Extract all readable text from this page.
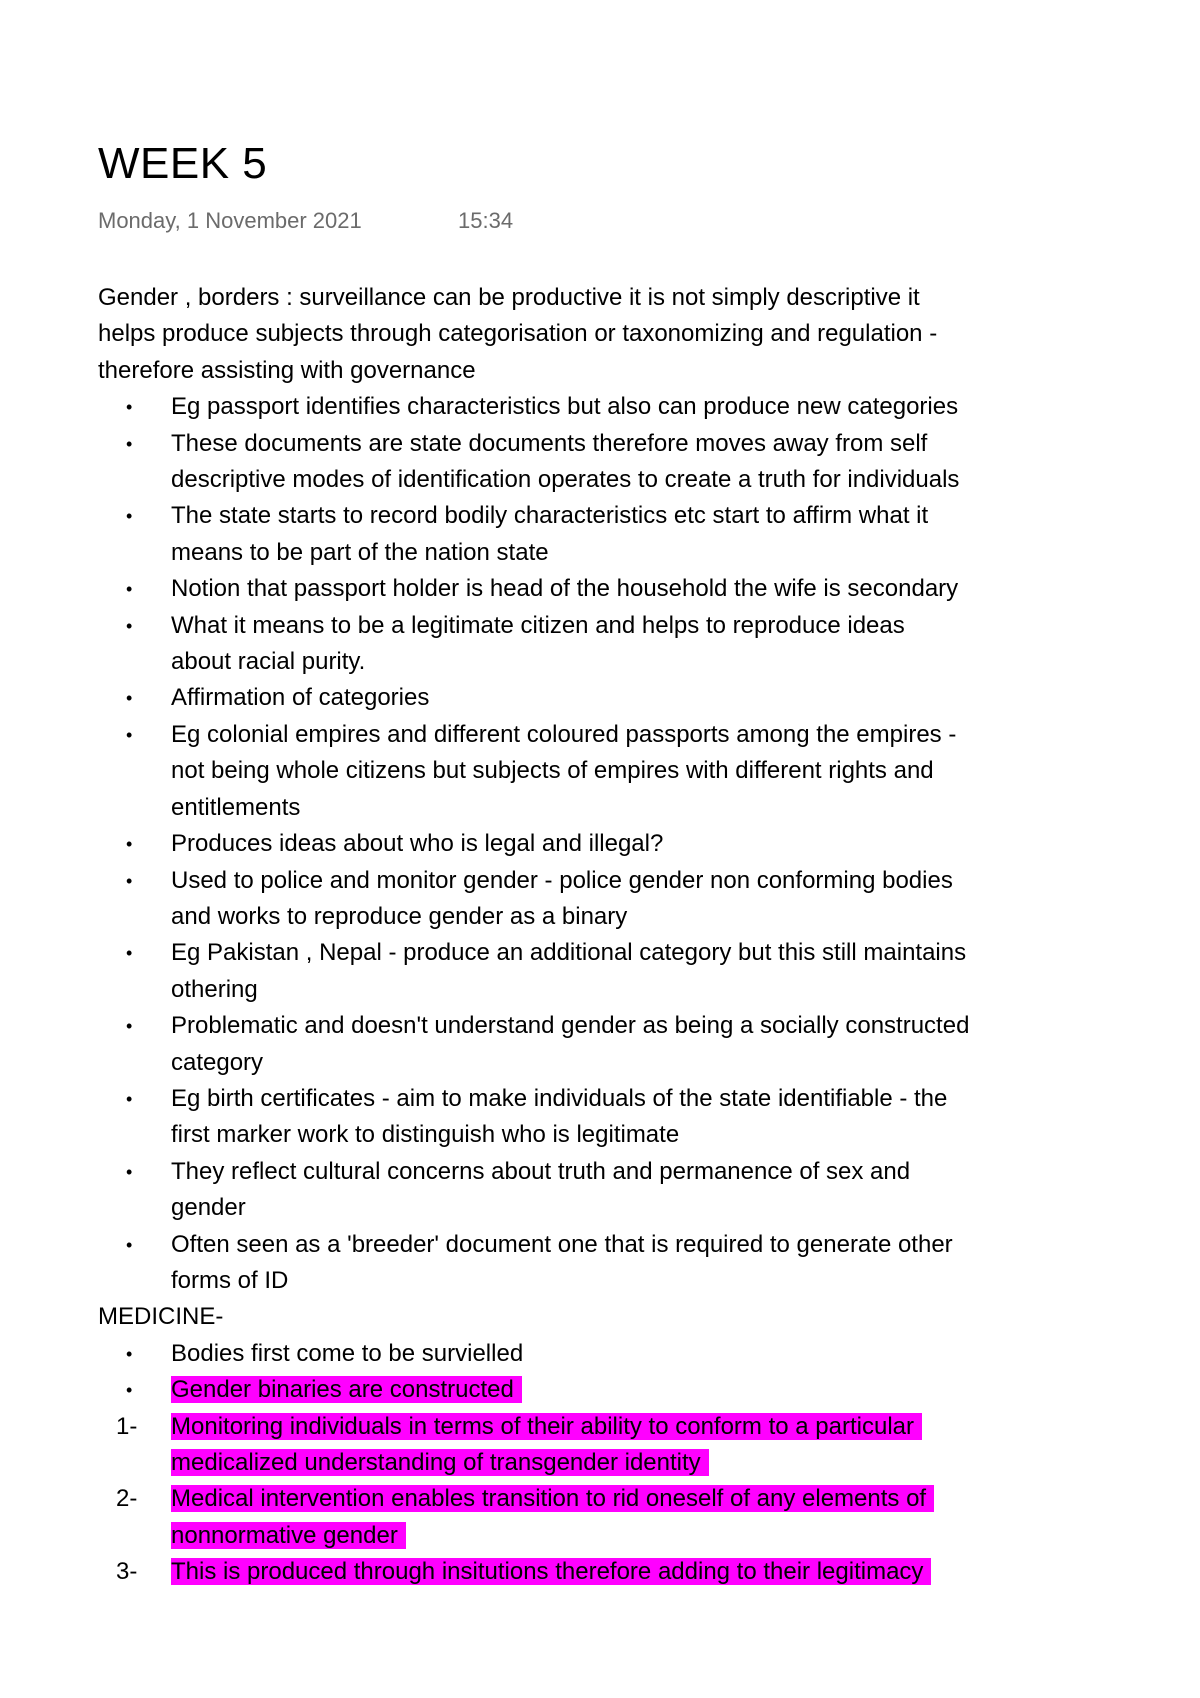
WEEK 5
Monday, 1 November 2021	15:34

Gender , borders : surveillance can be productive it is not simply descriptive it
helps produce subjects through categorisation or taxonomizing and regulation -
therefore assisting with governance

•	Eg passport identifies characteristics but also can produce new categories
•	These documents are state documents therefore moves away from self
descriptive modes of identification operates to create a truth for individuals
•	The state starts to record bodily characteristics etc start to affirm what it
means to be part of the nation state
•	Notion that passport holder is head of the household the wife is secondary
•	What it means to be a legitimate citizen and helps to reproduce ideas
about racial purity.
•	Affirmation of categories
•	Eg colonial empires and different coloured passports among the empires -
not being whole citizens but subjects of empires with different rights and
entitlements
•	Produces ideas about who is legal and illegal?
•	Used to police and monitor gender - police gender non conforming bodies
and works to reproduce gender as a binary
•	Eg Pakistan , Nepal - produce an additional category but this still maintains
othering
•	Problematic and doesn't understand gender as being a socially constructed
category
•	Eg birth certificates - aim to make individuals of the state identifiable - the
first marker work to distinguish who is legitimate
•	They reflect cultural concerns about truth and permanence of sex and
gender
•	Often seen as a 'breeder' document one that is required to generate other
forms of ID

MEDICINE-

•	Bodies first come to be survielled
•	Gender binaries are constructed
1-	Monitoring individuals in terms of their ability to conform to a particular
medicalized understanding of transgender identity
2-	Medical intervention enables transition to rid oneself of any elements of
nonnormative gender
3-	This is produced through insitutions therefore adding to their legitimacy
